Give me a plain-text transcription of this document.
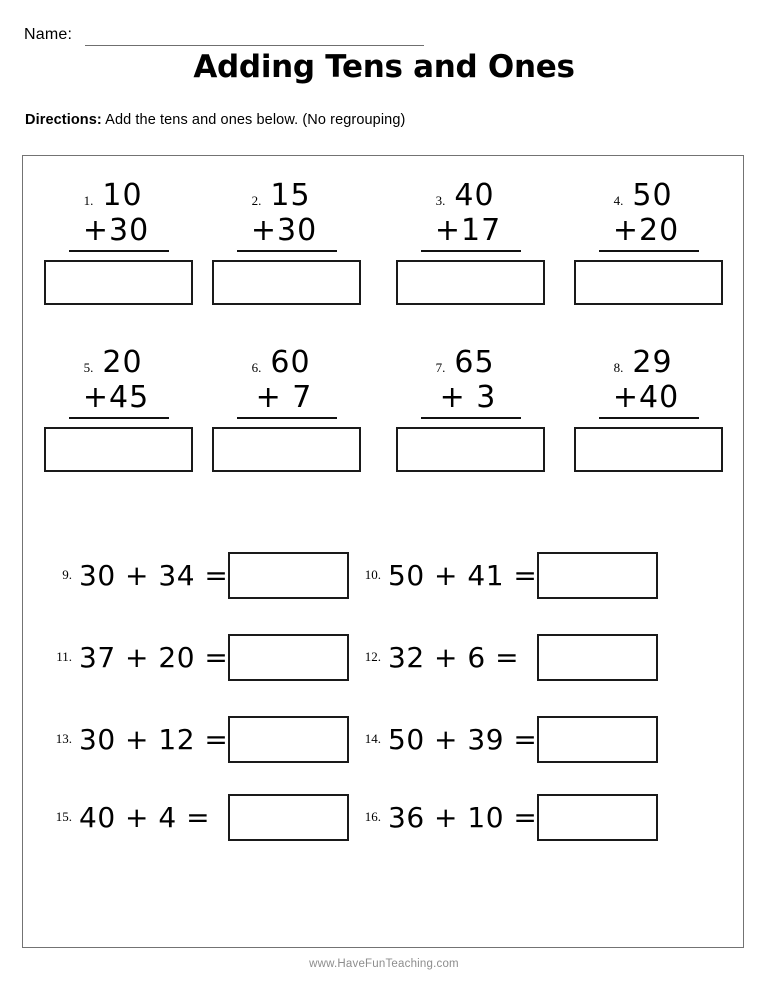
Name:
Adding Tens and Ones
Directions: Add the tens and ones below. (No regrouping)
1. 10
+30
2. 15
+30
3. 40
+17
4. 50
+20
5. 20
+45
6. 60
+ 7
7. 65
+ 3
8. 29
+40
9. 30 + 34 =	10. 50 + 41 =
11. 37 + 20 =	12. 32 + 6 =
13. 30 + 12 =	14. 50 + 39 =
15. 40 + 4 =	16. 36 + 10 =
www.HaveFunTeaching.com
